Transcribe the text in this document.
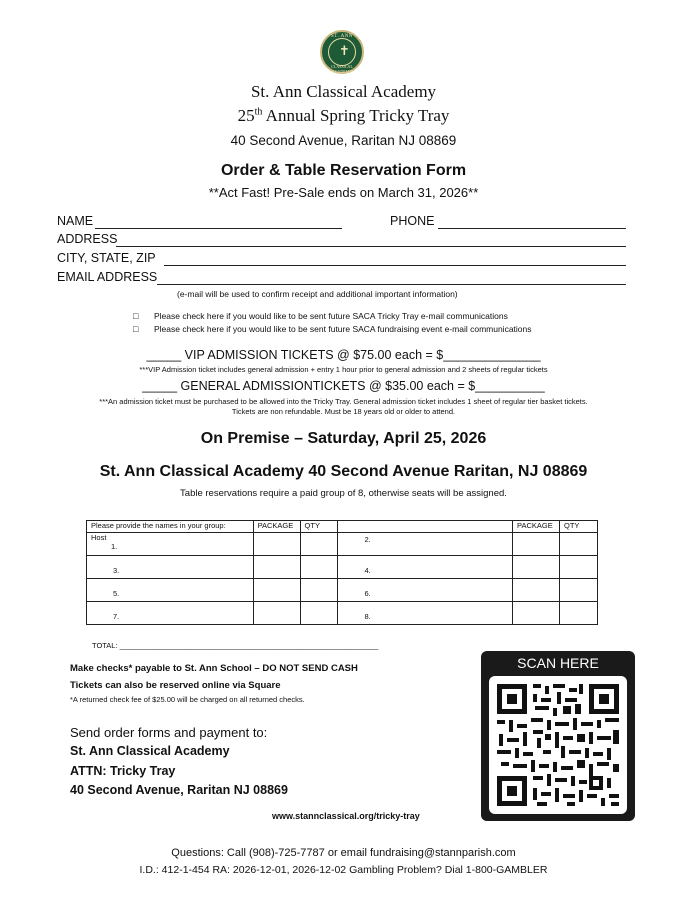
ST. ANN
✝
CLASSICAL ACADEMY
St. Ann Classical Academy
25th Annual Spring Tricky Tray
40 Second Avenue, Raritan NJ 08869
Order & Table Reservation Form
**Act Fast! Pre-Sale ends on March 31, 2026**
NAME	PHONE
ADDRESS
CITY, STATE, ZIP
EMAIL ADDRESS
(e-mail will be used to confirm receipt and additional important information)
□ Please check here if you would like to be sent future SACA Tricky Tray e-mail communications
□ Please check here if you would like to be sent future SACA fundraising event e-mail communications
_____ VIP ADMISSION TICKETS @ $75.00 each = $______________
***VIP Admission ticket includes general admission + entry 1 hour prior to general admission and 2 sheets of regular tickets
_____ GENERAL ADMISSIONTICKETS @ $35.00 each = $__________
***An admission ticket must be purchased to be allowed into the Tricky Tray. General admission ticket includes 1 sheet of regular tier basket tickets.
Tickets are non refundable. Must be 18 years old or older to attend.
On Premise – Saturday, April 25, 2026
St. Ann Classical Academy 40 Second Avenue Raritan, NJ 08869
Table reservations require a paid group of 8, otherwise seats will be assigned.
Please provide the names in your group:	PACKAGE	QTY		PACKAGE	QTY

Host
1.			2.		
3.			4.		
5.			6.		
7.			8.		
TOTAL: ______________________________________________________________
Make checks* payable to St. Ann School – DO NOT SEND CASH
Tickets can also be reserved online via Square
*A returned check fee of $25.00 will be charged on all returned checks.
Send order forms and payment to:
St. Ann Classical Academy
ATTN: Tricky Tray
40 Second Avenue, Raritan NJ 08869
www.stannclassical.org/tricky-tray
SCAN HERE
Questions: Call (908)-725-7787 or email fundraising@stannparish.com
I.D.: 412-1-454 RA: 2026-12-01, 2026-12-02 Gambling Problem? Dial 1-800-GAMBLER
